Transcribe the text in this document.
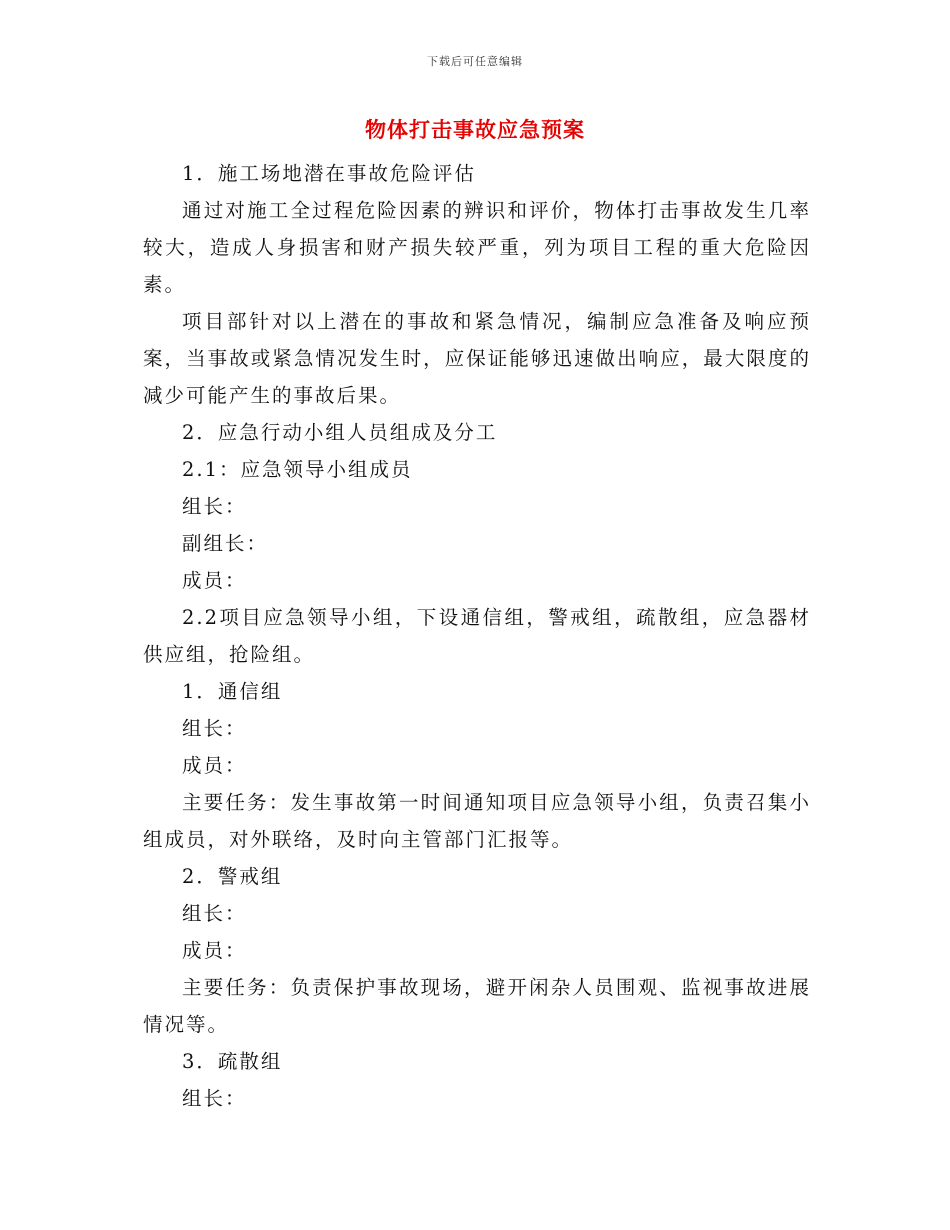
下载后可任意编辑
物体打击事故应急预案

1．施工场地潜在事故危险评估

通过对施工全过程危险因素的辨识和评价，物体打击事故发生几率较大，造成人身损害和财产损失较严重，列为项目工程的重大危险因素。

项目部针对以上潜在的事故和紧急情况，编制应急准备及响应预案，当事故或紧急情况发生时，应保证能够迅速做出响应，最大限度的减少可能产生的事故后果。

2．应急行动小组人员组成及分工

2.1：应急领导小组成员

组长：

副组长：

成员：

2.2项目应急领导小组，下设通信组，警戒组，疏散组，应急器材供应组，抢险组。

1．通信组

组长：

成员：

主要任务：发生事故第一时间通知项目应急领导小组，负责召集小组成员，对外联络，及时向主管部门汇报等。

2．警戒组

组长：

成员：

主要任务：负责保护事故现场，避开闲杂人员围观、监视事故进展情况等。

3．疏散组

组长：
